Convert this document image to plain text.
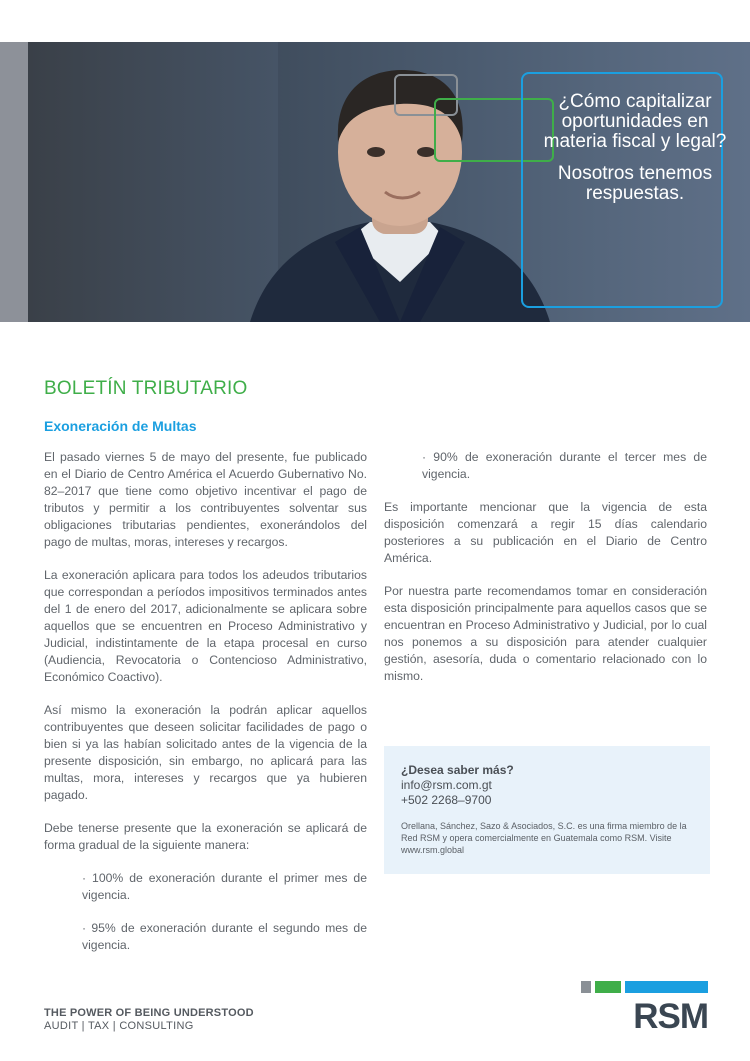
¿Cómo capitalizar oportunidades en materia fiscal y legal?

Nosotros tenemos respuestas.

BOLETÍN TRIBUTARIO
Exoneración de Multas

El pasado viernes 5 de mayo del presente, fue publicado en el Diario de Centro América el Acuerdo Gubernativo No. 82–2017 que tiene como objetivo incentivar el pago de tributos y permitir a los contribuyentes solventar sus obligaciones tributarias pendientes, exonerándolos del pago de multas, moras, intereses y recargos.

La exoneración aplicara para todos los adeudos tributarios que correspondan a períodos impositivos terminados antes del 1 de enero del 2017, adicionalmente se aplicara sobre aquellos que se encuentren en Proceso Administrativo y Judicial, indistintamente de la etapa procesal en curso (Audiencia, Revocatoria o Contencioso Administrativo, Económico Coactivo).

Así mismo la exoneración la podrán aplicar aquellos contribuyentes que deseen solicitar facilidades de pago o bien si ya las habían solicitado antes de la vigencia de la presente disposición, sin embargo, no aplicará para las multas, mora, intereses y recargos que ya hubieren pagado.

Debe tenerse presente que la exoneración se aplicará de forma gradual de la siguiente manera:

· 100% de exoneración durante el primer mes de vigencia.

· 95% de exoneración durante el segundo mes de vigencia.

· 90% de exoneración durante el tercer mes de vigencia.

Es importante mencionar que la vigencia de esta disposición comenzará a regir 15 días calendario posteriores a su publicación en el Diario de Centro América.

Por nuestra parte recomendamos tomar en consideración esta disposición principalmente para aquellos casos que se encuentran en Proceso Administrativo y Judicial, por lo cual nos ponemos a su disposición para atender cualquier gestión, asesoría, duda o comentario relacionado con lo mismo.

¿Desea saber más?
info@rsm.com.gt
+502 2268–9700
Orellana, Sánchez, Sazo & Asociados, S.C. es una firma miembro de la Red RSM y opera comercialmente en Guatemala como RSM. Visite www.rsm.global
THE POWER OF BEING UNDERSTOOD
AUDIT | TAX | CONSULTING	RSM
